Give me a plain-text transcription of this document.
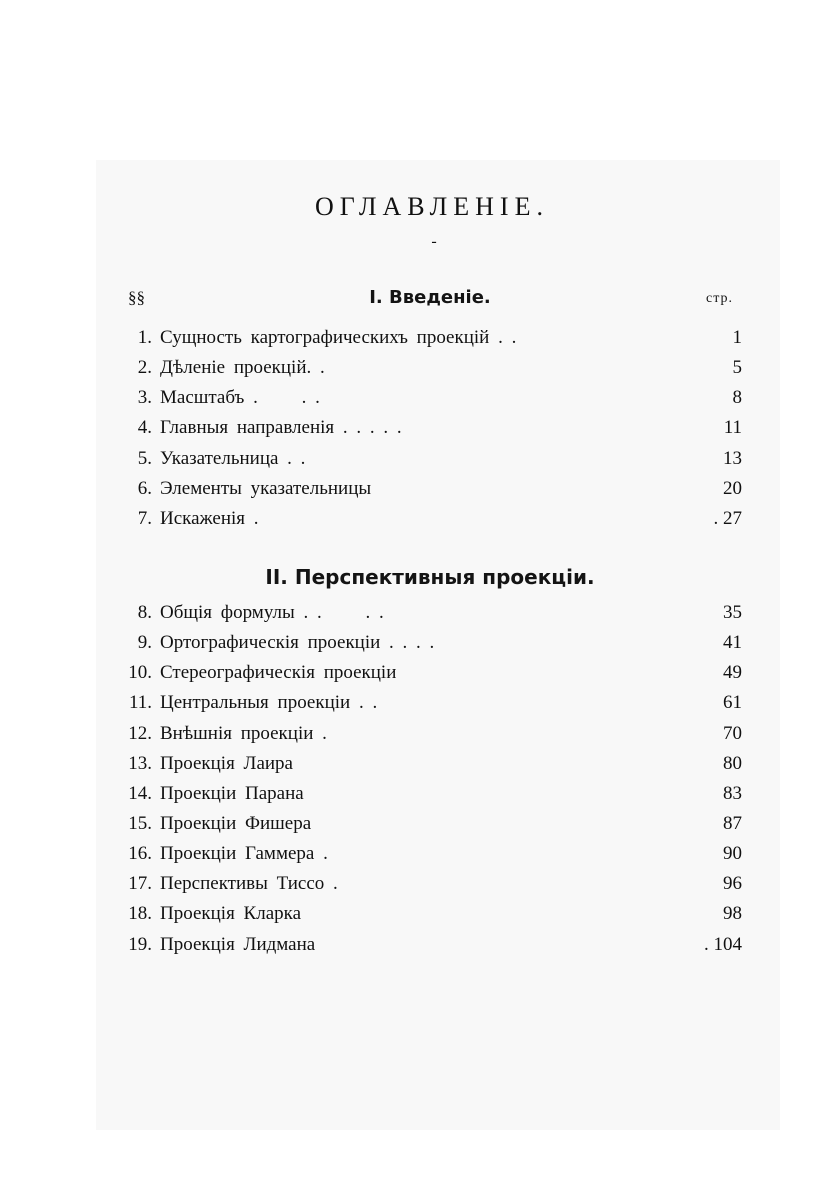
ОГЛАВЛЕНІЕ.
-
§§	стр.
I. Введеніе.
1. Сущность картографическихъ проекцій . .	1
2. Дѣленіе проекцій. .	5
3. Масштабъ .     . .	8
4. Главныя направленія . . . . .	11
5. Указательница . .	13
6. Элементы указательницы	20
7. Искаженія .	. 27
II. Перспективныя проекціи.
8. Общія формулы . .     . .	35
9. Ортографическія проекціи . . . .	41
10. Стереографическія проекціи	49
11. Центральныя проекціи . .	61
12. Внѣшнія проекціи .	70
13. Проекція Лаира	80
14. Проекціи Парана	83
15. Проекціи Фишера	87
16. Проекціи Гаммера .	90
17. Перспективы Тиссо .	96
18. Проекція Кларка	98
19. Проекція Лидмана	. 104
